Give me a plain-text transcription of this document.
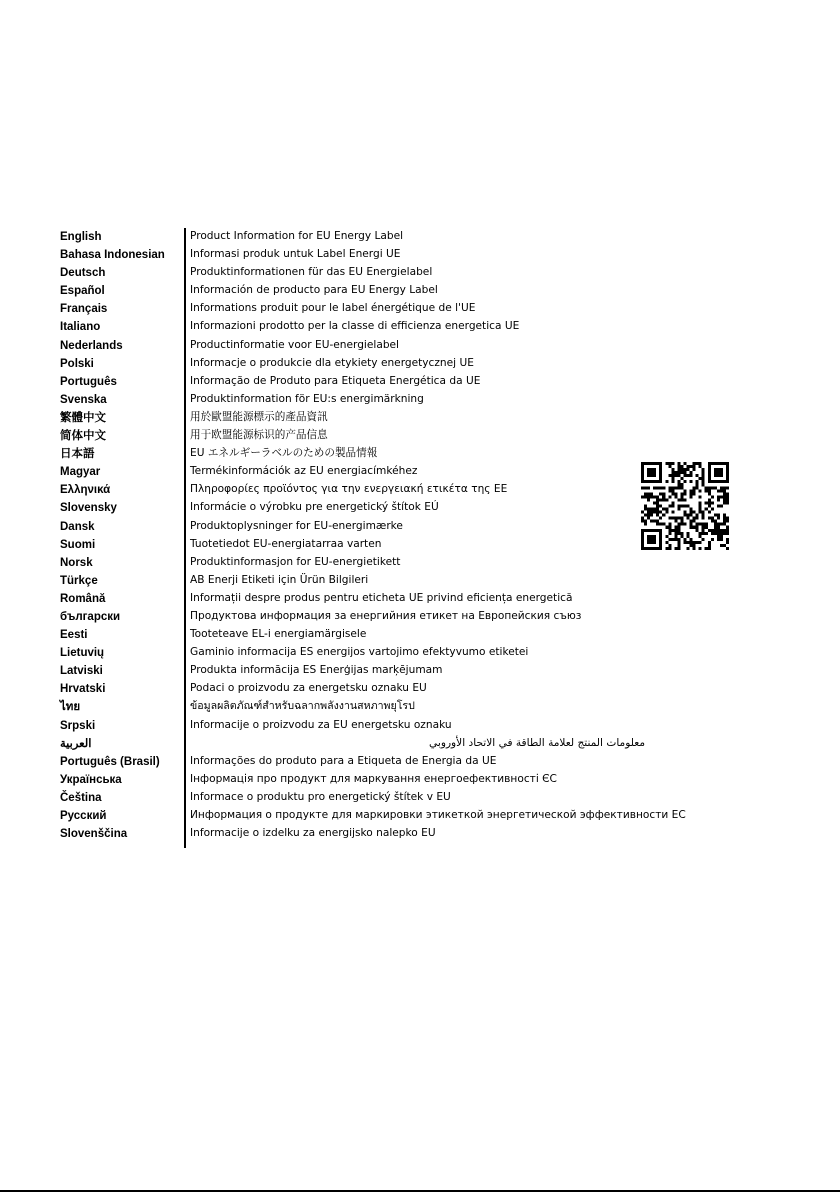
English	Product Information for EU Energy Label
Bahasa Indonesian	Informasi produk untuk Label Energi UE
Deutsch	Produktinformationen für das EU Energielabel
Español	Información de producto para EU Energy Label
Français	Informations produit pour le label énergétique de l'UE
Italiano	Informazioni prodotto per la classe di efficienza energetica UE
Nederlands	Productinformatie voor EU-energielabel
Polski	Informacje o produkcie dla etykiety energetycznej UE
Português	Informação de Produto para Etiqueta Energética da UE
Svenska	Produktinformation för EU:s energimärkning
繁體中文	用於歐盟能源標示的產品資訊
简体中文	用于欧盟能源标识的产品信息
日本語	EU エネルギーラベルのための製品情報
Magyar	Termékinformációk az EU energiacímkéhez
Ελληνικά	Πληροφορίες προϊόντος για την ενεργειακή ετικέτα της ΕΕ
Slovensky	Informácie o výrobku pre energetický štítok EÚ
Dansk	Produktoplysninger for EU-energimærke
Suomi	Tuotetiedot EU-energiatarraa varten
Norsk	Produktinformasjon for EU-energietikett
Türkçe	AB Enerji Etiketi için Ürün Bilgileri
Română	Informații despre produs pentru eticheta UE privind eficiența energetică
български	Продуктова информация за енергийния етикет на Европейския съюз
Eesti	Tooteteave EL-i energiamärgisele
Lietuvių	Gaminio informacija ES energijos vartojimo efektyvumo etiketei
Latviski	Produkta informācija ES Enerģijas marķējumam
Hrvatski	Podaci o proizvodu za energetsku oznaku EU
ไทย	ข้อมูลผลิตภัณฑ์สำหรับฉลากพลังงานสหภาพยุโรป
Srpski	Informacije o proizvodu za EU energetsku oznaku
العربية	معلومات المنتج لعلامة الطاقة في الاتحاد الأوروبي
Português (Brasil)	Informações do produto para a Etiqueta de Energia da UE
Українська	Інформація про продукт для маркування енергоефективності ЄС
Čeština	Informace o produktu pro energetický štítek v EU
Русский	Информация о продукте для маркировки этикеткой энергетической эффективности ЕС
Slovenščina	Informacije o izdelku za energijsko nalepko EU
